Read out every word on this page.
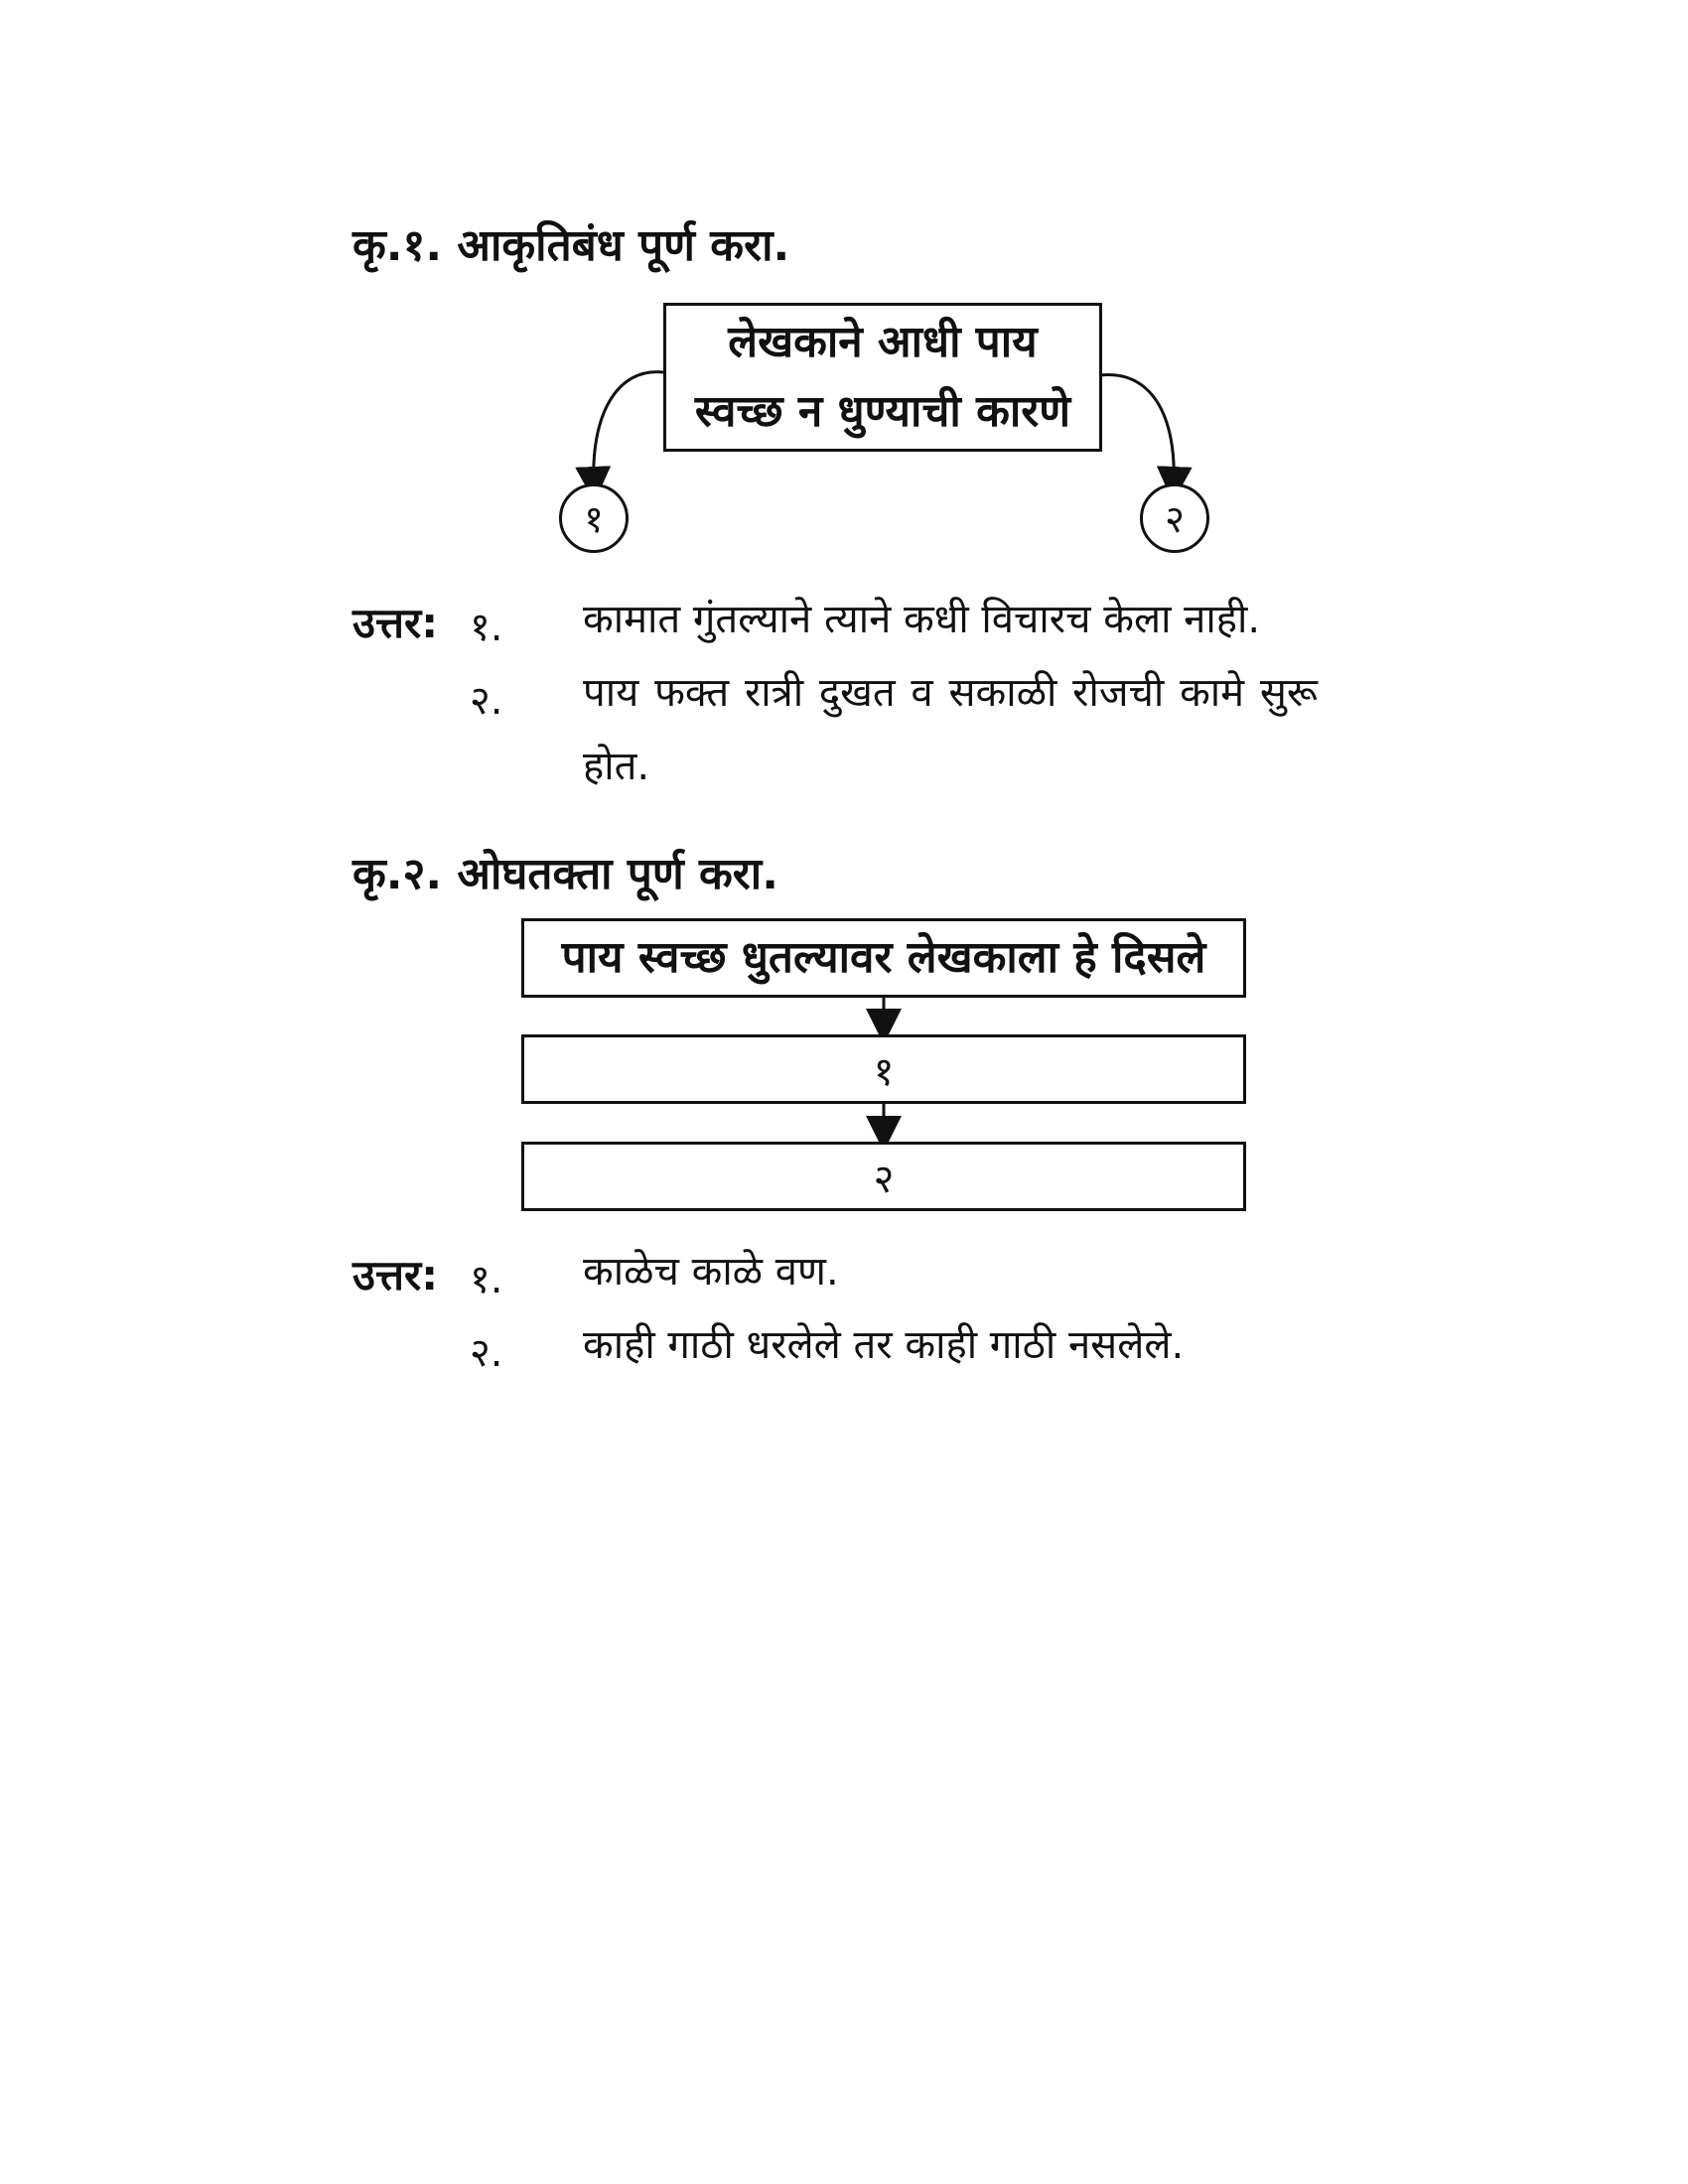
कृ.१. आकृतिबंध पूर्ण करा.
लेखकाने आधी पाय
स्वच्छ न धुण्याची कारणे
१	२
उत्तर: १. कामात गुंतल्याने त्याने कधी विचारच केला नाही.
२. पाय फक्त रात्री दुखत व सकाळी रोजची कामे सुरू होत.
कृ.२. ओघतक्ता पूर्ण करा.
पाय स्वच्छ धुतल्यावर लेखकाला हे दिसले
१
२
उत्तर: १. काळेच काळे वण.
२. काही गाठी धरलेले तर काही गाठी नसलेले.
